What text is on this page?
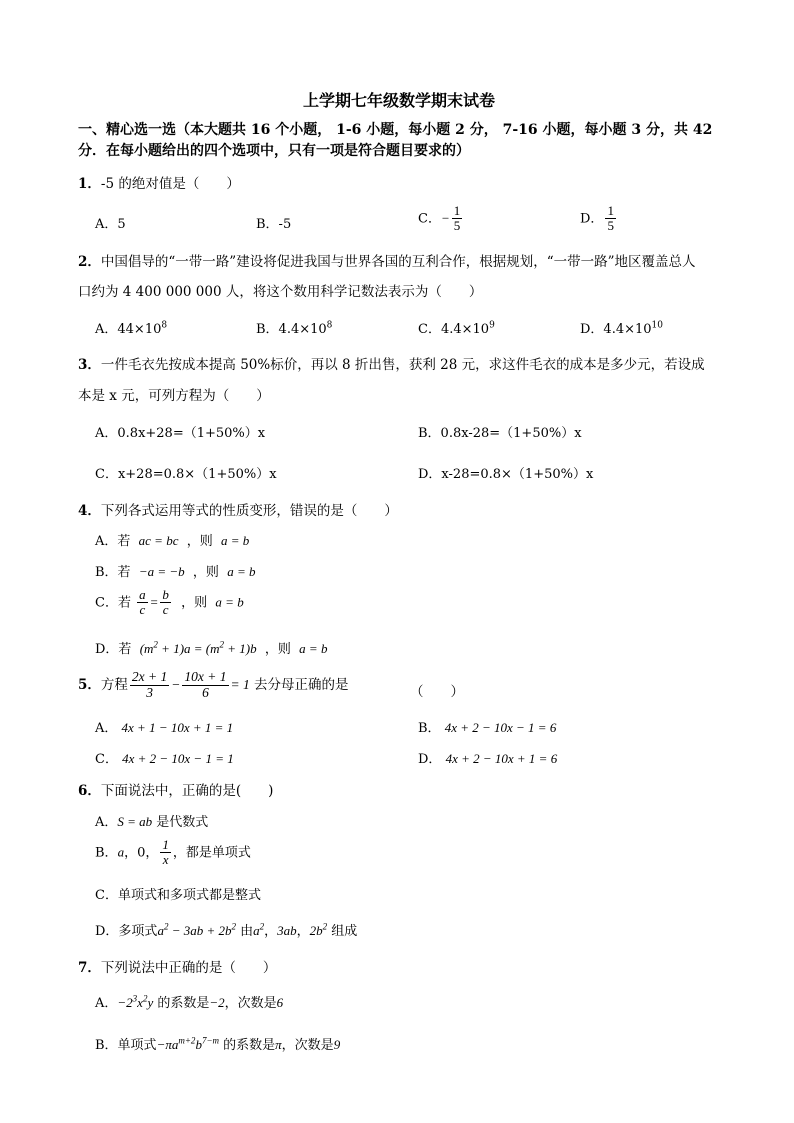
上学期七年级数学期末试卷
一、精心选一选（本大题共 16 个小题， 1-6 小题，每小题 2 分， 7-16 小题，每小题 3 分，共 42
分．在每小题给出的四个选项中，只有一项是符合题目要求的）
1．-5 的绝对值是（　　）
A．5	B．-5	C．− $\frac{1}{5}$	D． $\frac{1}{5}$
2．中国倡导的“一带一路”建设将促进我国与世界各国的互利合作，根据规划，“一带一路”地区覆盖总人
口约为 4 400 000 000 人，将这个数用科学记数法表示为（　　）
A．$44\times 10^8$	B．$4.4\times 10^8$	C．$4.4\times 10^9$	D．$4.4\times 10^{10}$
3．一件毛衣先按成本提高 50%标价，再以 8 折出售，获利 28 元，求这件毛衣的成本是多少元，若设成
本是 x 元，可列方程为（　　）
A．0.8x+28=（1+50%）x	B．0.8x-28=（1+50%）x
C．x+28=0.8×（1+50%）x	D．x-28=0.8×（1+50%）x
4．下列各式运用等式的性质变形，错误的是（　　）
A．若 ac = bc ，则 a = b
B．若 −a = −b ，则 a = b
C．若 $\frac{a}{c} = \frac{b}{c}$ ，则 a = b
D．若 $(m^2 + 1)a = (m^2 + 1)b$ ，则 a = b
5．方程 $\frac{2x + 1}{3} - \frac{10x + 1}{6} = 1$ 去分母正确的是	（　　）
A． 4x + 1 − 10x + 1 = 1	B． 4x + 2 − 10x − 1 = 6
C． 4x + 2 − 10x − 1 = 1	D． 4x + 2 − 10x + 1 = 6
6．下面说法中，正确的是(　　)
A．S = ab 是代数式
B．a，0， $\frac{1}{x}$ ，都是单项式
C．单项式和多项式都是整式
D．多项式$a^2 - 3ab + 2b^2$ 由$a^2$，3ab，$2b^2$ 组成
7．下列说法中正确的是（　　）
A．$-2^3x^2y$ 的系数是−2，次数是6
B．单项式$-\pi a^{m+2}b^{7-m}$ 的系数是π，次数是9
